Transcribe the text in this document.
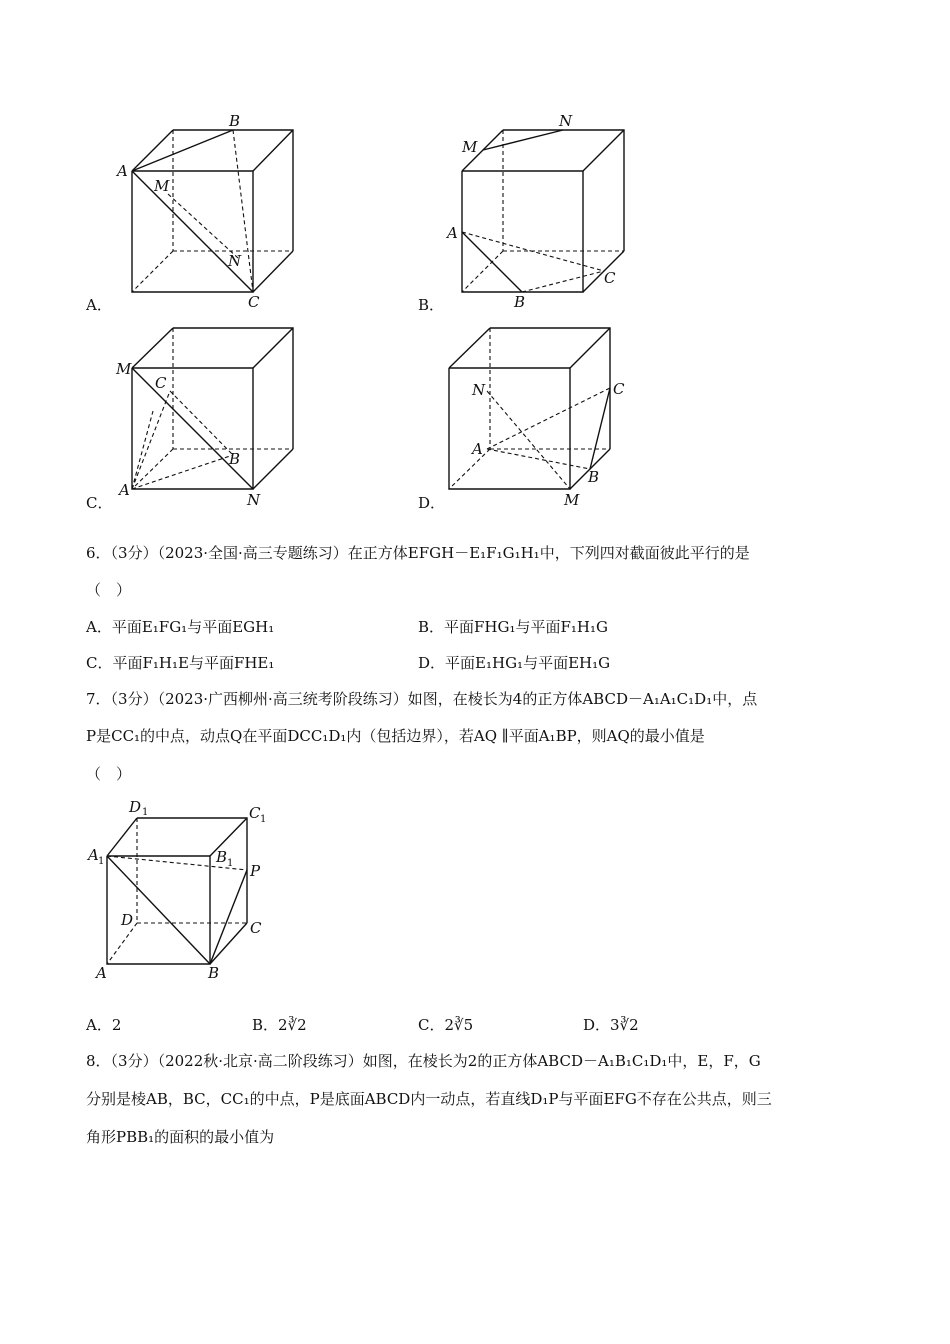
A．
B
A
M
N
C	B．
N
M
A
C
B
C．
M
C
B
A
N	D．
N	C
A
B
M
6．（3分）（2023·全国·高三专题练习）在正方体EFGH－E₁F₁G₁H₁中，下列四对截面彼此平行的是
（　）
A．平面E₁FG₁与平面EGH₁	B．平面FHG₁与平面F₁H₁G
C．平面F₁H₁E与平面FHE₁	D．平面E₁HG₁与平面EH₁G
7．（3分）（2023·广西柳州·高三统考阶段练习）如图，在棱长为4的正方体ABCD－A₁A₁C₁D₁中，点
P是CC₁的中点，动点Q在平面DCC₁D₁内（包括边界），若AQ ∥平面A₁BP，则AQ的最小值是
（　）
D 1	C 1
A 1	B 1 P
D	C
A	B
A．2	B．2∛2	C．2∛5	D．3∛2
8．（3分）（2022秋·北京·高二阶段练习）如图，在棱长为2的正方体ABCD－A₁B₁C₁D₁中，E，F，G
分别是棱AB，BC，CC₁的中点，P是底面ABCD内一动点，若直线D₁P与平面EFG不存在公共点，则三
角形PBB₁的面积的最小值为
